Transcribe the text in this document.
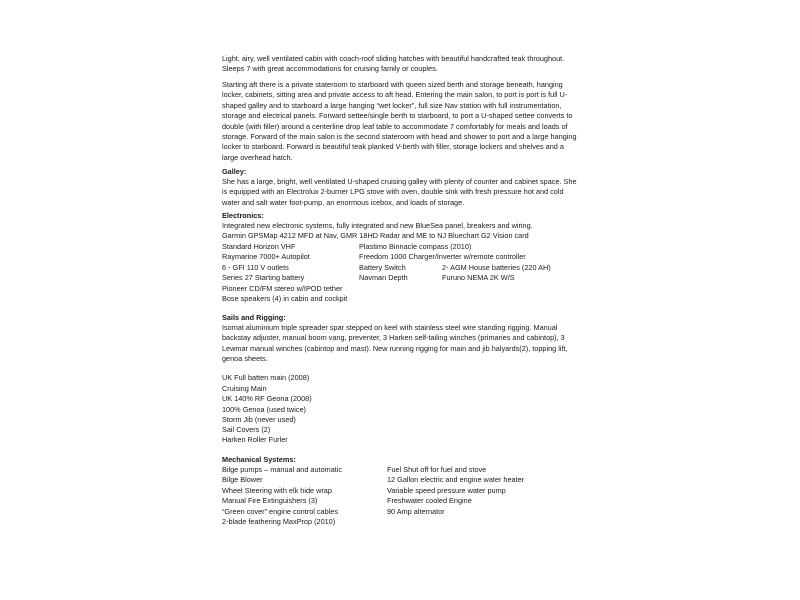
Light, airy, well ventilated cabin with coach-roof sliding hatches with beautiful handcrafted teak throughout. Sleeps 7 with great accommodations for cruising family or couples.

Starting aft there is a private stateroom to starboard with queen sized berth and storage beneath, hanging locker, cabinets, sitting area and private access to aft head. Entering the main salon, to port is port is full U-shaped galley and to starboard a large hanging “wet locker”, full size Nav station with full instrumentation, storage and electrical panels. Forward settee/single berth to starboard, to port a U-shaped settee converts to double (with filler) around a centerline drop leaf table to accommodate 7 comfortably for meals and loads of storage. Forward of the main salon is the second stateroom with head and shower to port and a large hanging locker to starboard. Forward is beautiful teak planked V-berth with filler, storage lockers and shelves and a large overhead hatch.

Galley:

She has a large, bright, well ventilated U-shaped cruising galley with plenty of counter and cabinet space. She is equipped with an Electrolux 2-burner LPG stove with oven, double sink with fresh pressure hot and cold water and salt water foot-pump, an enormous icebox, and loads of storage.

Electronics:
Integrated new electronic systems, fully integrated and new BlueSea panel, breakers and wiring.
Garmin GPSMap 4212 MFD at Nav, GMR 18HD Radar and ME to NJ Bluechart G2 Vision card
Standard Horizon VHF	Plastimo Binnacle compass (2010)
Raymarine 7000+ Autopilot	Freedom 1000 Charger/Inverter w/remote controller
6 - GFI 110 V outlets	Battery Switch	2- AGM House batteries (220 AH)
Series 27 Starting battery	Navman Depth	Furuno NEMA 2K W/S
Pioneer CD/FM stereo w/IPOD tether
Bose speakers (4) in cabin and cockpit
Sails and Rigging:

Isomat aluminium triple spreader spar stepped on keel with stainless steel wire standing rigging. Manual backstay adjuster, manual boom vang, preventer, 3 Harken self-tailing winches (primaries and cabintop), 3 Lewmar manual winches (cabintop and mast). New running rigging for main and jib halyards(2), topping lift, genoa sheets.

UK Full batten main (2008)
Cruising Main
UK 140% RF Geona (2008)
100% Genoa (used twice)
Storm Jib (never used)
Sail Covers (2)
Harken Roller Furler
Mechanical Systems:
Bilge pumps – manual and automatic	Fuel Shut off for fuel and stove
Bilge Blower	12 Gallon electric and engine water heater
Wheel Steering with elk hide wrap	Variable speed pressure water pump
Manual Fire Extinguishers (3)	Freshwater cooled Engine
“Green cover” engine control cables	90 Amp alternator
2-blade feathering MaxProp (2010)
